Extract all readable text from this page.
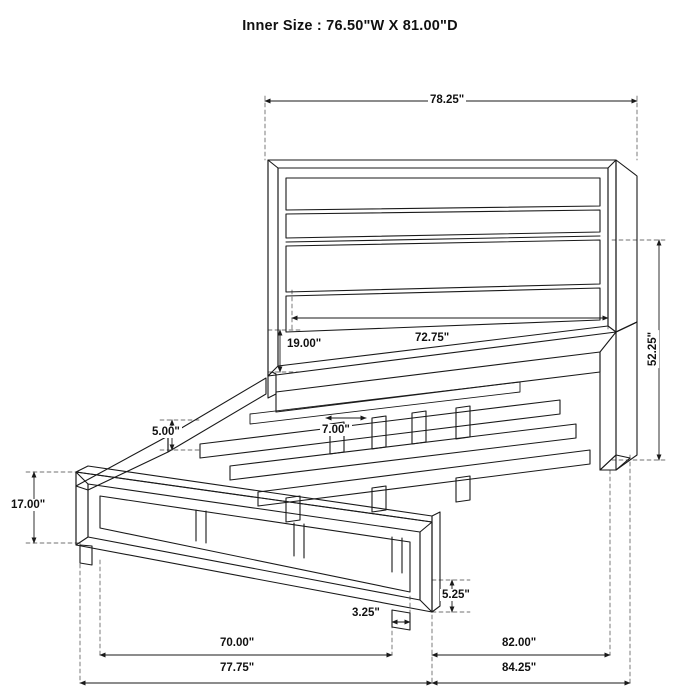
Inner Size : 76.50"W X 81.00"D
78.25"
52.25"
72.75"
19.00"
5.00"	7.00"
17.00"
5.25"
3.25"
70.00"	82.00"
77.75"	84.25"
